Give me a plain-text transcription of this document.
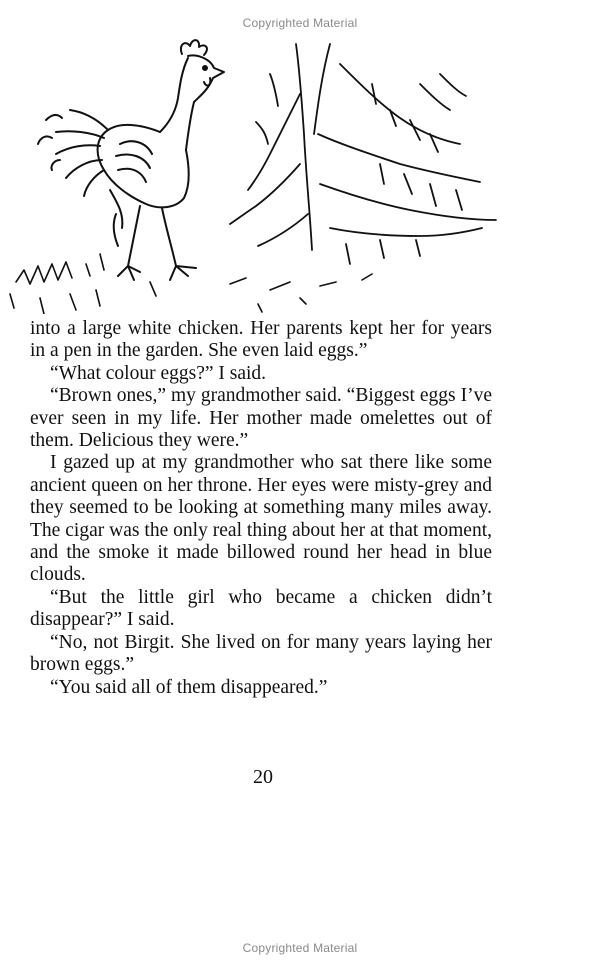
Copyrighted Material

into a large white chicken. Her parents kept her for years in a pen in the garden. She even laid eggs.”

“What colour eggs?” I said.

“Brown ones,” my grandmother said. “Biggest eggs I’ve ever seen in my life. Her mother made omelettes out of them. Delicious they were.”

I gazed up at my grandmother who sat there like some ancient queen on her throne. Her eyes were misty-grey and they seemed to be looking at something many miles away. The cigar was the only real thing about her at that moment, and the smoke it made billowed round her head in blue clouds.

“But the little girl who became a chicken didn’t disappear?” I said.

“No, not Birgit. She lived on for many years laying her brown eggs.”

“You said all of them disappeared.”

20
Copyrighted Material
